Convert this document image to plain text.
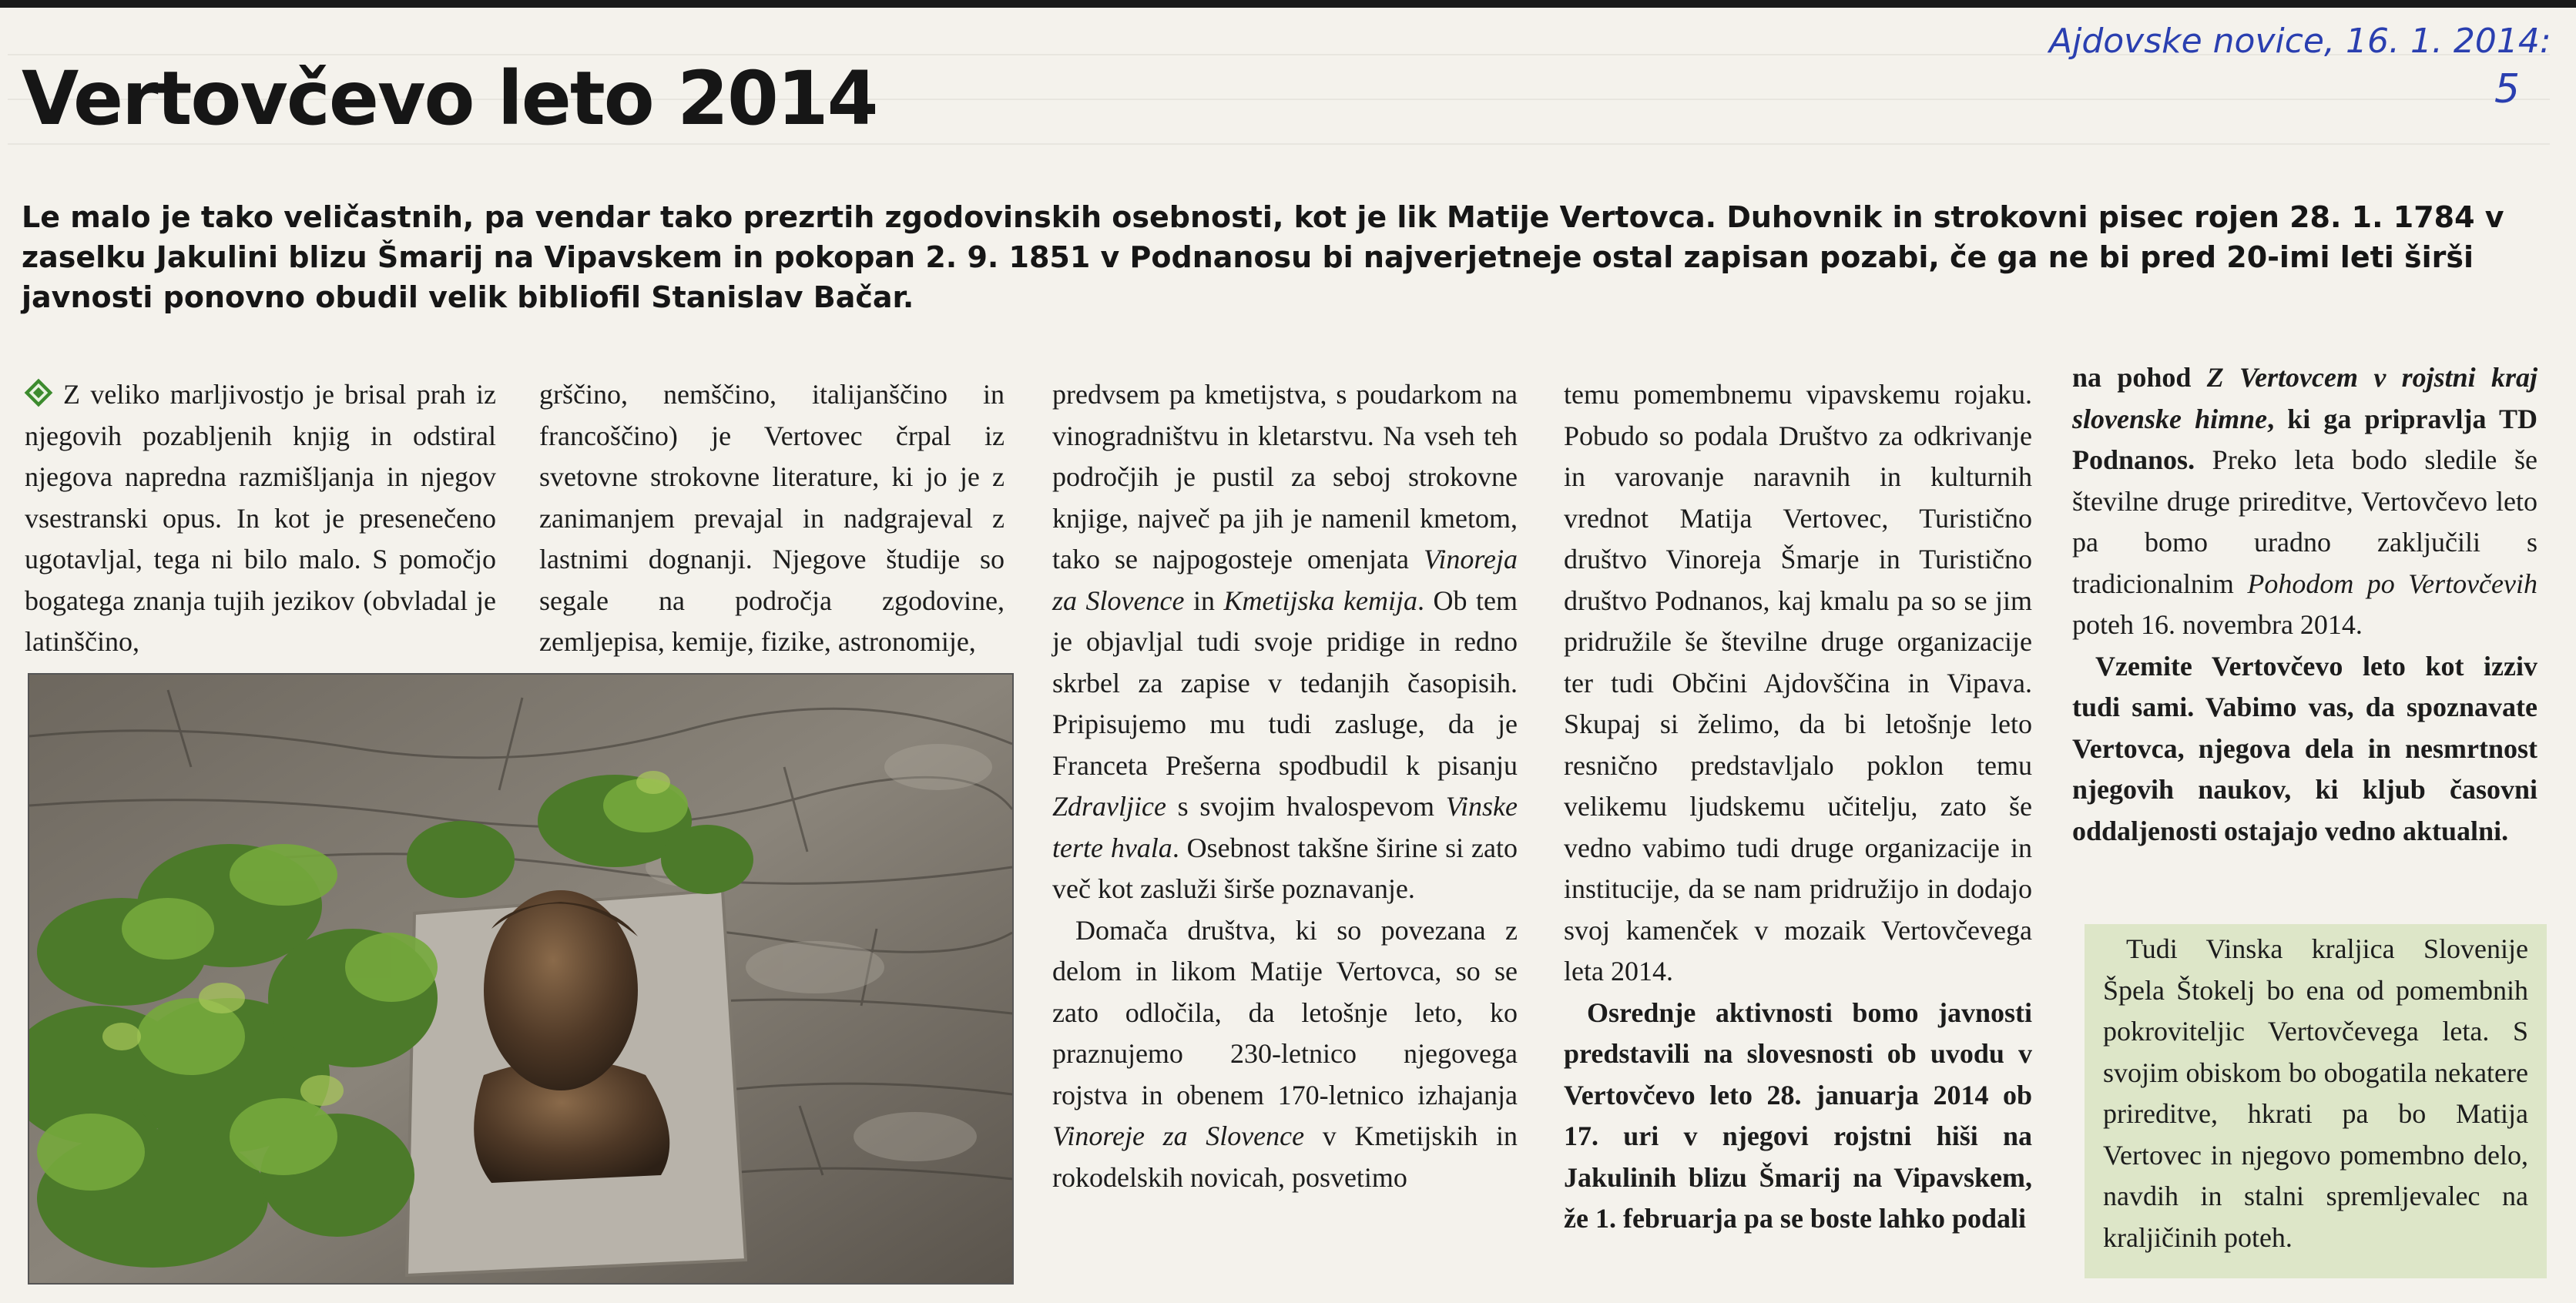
Vertovčevo leto 2014
Ajdovske novice, 16. 1. 2014:
5

Le malo je tako veličastnih, pa vendar tako prezrtih zgodovinskih osebnosti, kot je lik Matije Vertovca. Duhovnik in strokovni pisec rojen 28. 1. 1784 v zaselku Jakulini blizu Šmarij na Vipavskem in pokopan 2. 9. 1851 v Podnanosu bi najverjetneje ostal zapisan pozabi, če ga ne bi pred 20-imi leti širši javnosti ponovno obudil velik bibliofil Stanislav Bačar.

Z veliko marljivostjo je brisal prah iz njegovih pozabljenih knjig in odstiral njegova napredna razmišljanja in njegov vsestranski opus. In kot je presenečeno ugotavljal, tega ni bilo malo. S pomočjo bogatega znanja tujih jezikov (obvladal je latinščino,

grščino, nemščino, italijanščino in francoščino) je Vertovec črpal iz svetovne strokovne literature, ki jo je z zanimanjem prevajal in nadgrajeval z lastnimi dognanji. Njegove študije so segale na področja zgodovine, zemljepisa, kemije, fizike, astronomije,

predvsem pa kmetijstva, s poudarkom na vinogradništvu in kletarstvu. Na vseh teh področjih je pustil za seboj strokovne knjige, največ pa jih je namenil kmetom, tako se najpogosteje omenjata Vinoreja za Slovence in Kmetijska kemija. Ob tem je objavljal tudi svoje pridige in redno skrbel za zapise v tedanjih časopisih. Pripisujemo mu tudi zasluge, da je Franceta Prešerna spodbudil k pisanju Zdravljice s svojim hvalospevom Vinske terte hvala. Osebnost takšne širine si zato več kot zasluži širše poznavanje.

Domača društva, ki so povezana z delom in likom Matije Vertovca, so se zato odločila, da letošnje leto, ko praznujemo 230-letnico njegovega rojstva in obenem 170-letnico izhajanja Vinoreje za Slovence v Kmetijskih in rokodelskih novicah, posvetimo

temu pomembnemu vipavskemu rojaku. Pobudo so podala Društvo za odkrivanje in varovanje naravnih in kulturnih vrednot Matija Vertovec, Turistično društvo Vinoreja Šmarje in Turistično društvo Podnanos, kaj kmalu pa so se jim pridružile še številne druge organizacije ter tudi Občini Ajdovščina in Vipava. Skupaj si želimo, da bi letošnje leto resnično predstavljalo poklon temu velikemu ljudskemu učitelju, zato še vedno vabimo tudi druge organizacije in institucije, da se nam pridružijo in dodajo svoj kamenček v mozaik Vertovčevega leta 2014.

Osrednje aktivnosti bomo javnosti predstavili na slovesnosti ob uvodu v Vertovčevo leto 28. januarja 2014 ob 17. uri v njegovi rojstni hiši na Jakulinih blizu Šmarij na Vipavskem, že 1. februarja pa se boste lahko podali

na pohod Z Vertovcem v rojstni kraj slovenske himne, ki ga pripravlja TD Podnanos. Preko leta bodo sledile še številne druge prireditve, Vertovčevo leto pa bomo uradno zaključili s tradicionalnim Pohodom po Vertovčevih poteh 16. novembra 2014.

Vzemite Vertovčevo leto kot izziv tudi sami. Vabimo vas, da spoznavate Vertovca, njegova dela in nesmrtnost njegovih naukov, ki kljub časovni oddaljenosti ostajajo vedno aktualni.

Tudi Vinska kraljica Slovenije Špela Štokelj bo ena od pomembnih pokroviteljic Vertovčevega leta. S svojim obiskom bo obogatila nekatere prireditve, hkrati pa bo Matija Vertovec in njegovo pomembno delo, navdih in stalni spremljevalec na kraljičinih poteh.
